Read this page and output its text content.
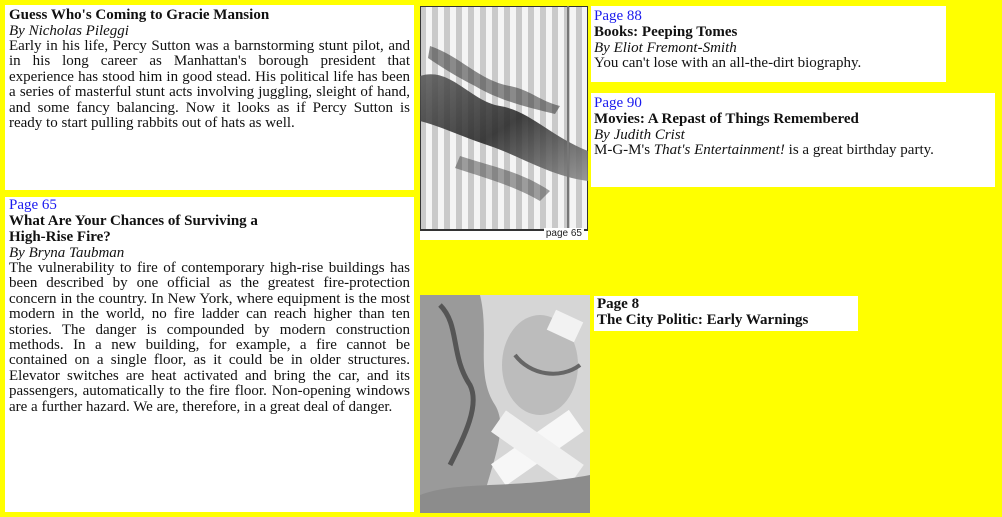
Guess Who's Coming to Gracie Mansion
By Nicholas Pileggi
Early in his life, Percy Sutton was a barnstorming stunt pilot, and in his long career as Manhattan's borough president that experience has stood him in good stead. His political life has been a series of masterful stunt acts involving juggling, sleight of hand, and some fancy balancing. Now it looks as if Percy Sutton is ready to start pulling rabbits out of hats as well.
Page 65
What Are Your Chances of Surviving a
High-Rise Fire?
By Bryna Taubman
The vulnerability to fire of contemporary high-rise buildings has been described by one official as the greatest fire-protection concern in the country. In New York, where equipment is the most modern in the world, no fire ladder can reach higher than ten stories. The danger is compounded by modern construction methods. In a new building, for example, a fire cannot be contained on a single floor, as it could be in older structures. Elevator switches are heat activated and bring the car, and its passengers, automatically to the fire floor. Non-opening windows are a further hazard. We are, therefore, in a great deal of danger.
page 65
Page 88
Books: Peeping Tomes
By Eliot Fremont-Smith
You can't lose with an all-the-dirt biography.
Page 90
Movies: A Repast of Things Remembered
By Judith Crist
M-G-M's That's Entertainment! is a great birthday party.
Page 8
The City Politic: Early Warnings
